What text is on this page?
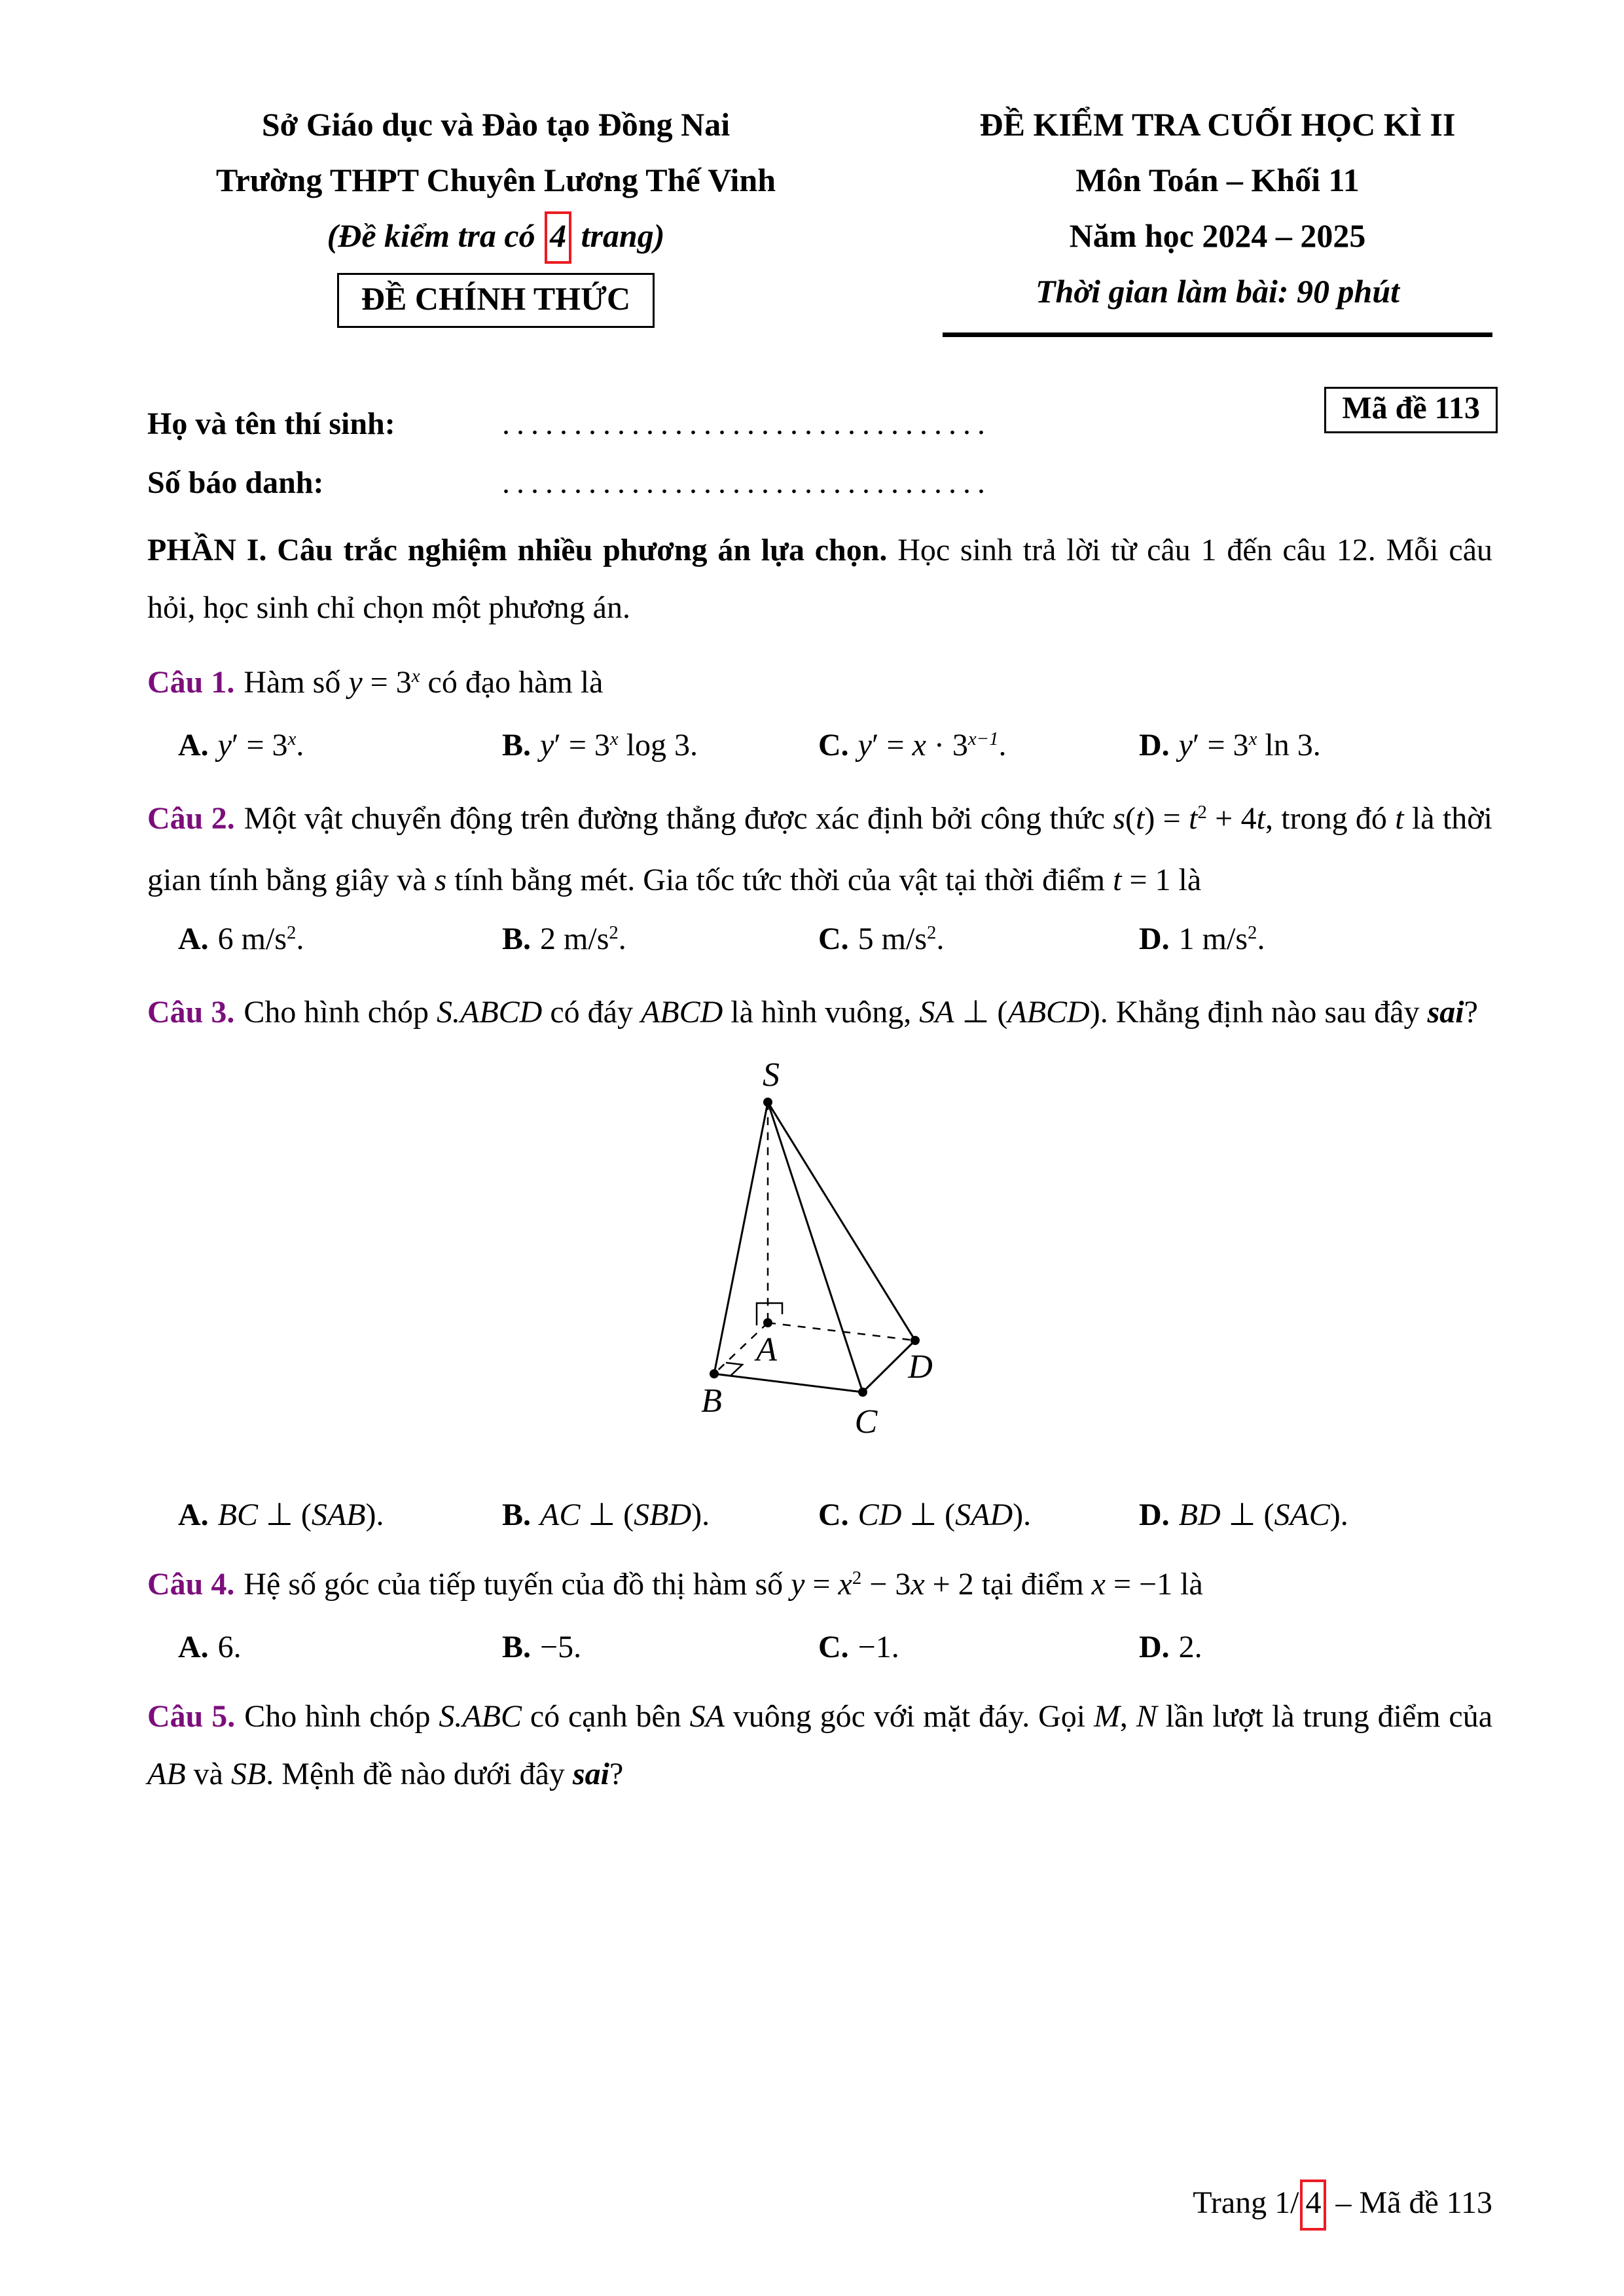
Sở Giáo dục và Đào tạo Đồng Nai
Trường THPT Chuyên Lương Thế Vinh
(Đề kiểm tra có 4 trang)
ĐỀ CHÍNH THỨC
ĐỀ KIỂM TRA CUỐI HỌC KÌ II
Môn Toán – Khối 11
Năm học 2024 – 2025
Thời gian làm bài: 90 phút
Họ và tên thí sinh:	..................................
Số báo danh:	..................................
Mã đề 113

PHẦN I. Câu trắc nghiệm nhiều phương án lựa chọn. Học sinh trả lời từ câu 1 đến câu 12. Mỗi câu hỏi, học sinh chỉ chọn một phương án.

Câu 1. Hàm số $y = 3^x$ có đạo hàm là

A. $y' = 3^x$.	B. $y' = 3^x$ log 3.	C. $y' = x \cdot 3^{x-1}$.	D. $y' = 3^x$ ln 3.

Câu 2. Một vật chuyển động trên đường thẳng được xác định bởi công thức $s(t) = t^2 + 4t$, trong đó t là thời gian tính bằng giây và s tính bằng mét. Gia tốc tức thời của vật tại thời điểm t = 1 là

A. 6 $m/s^2$.	B. 2 $m/s^2$.	C. 5 $m/s^2$.	D. 1 $m/s^2$.

Câu 3. Cho hình chóp S.ABCD có đáy ABCD là hình vuông, SA ⊥ (ABCD). Khẳng định nào sau đây sai?

S
A
B
C
D
A. BC ⊥ (SAB).	B. AC ⊥ (SBD).	C. CD ⊥ (SAD).	D. BD ⊥ (SAC).

Câu 4. Hệ số góc của tiếp tuyến của đồ thị hàm số $y = x^2 - 3x + 2$ tại điểm x = −1 là

A. 6.	B. −5.	C. −1.	D. 2.

Câu 5. Cho hình chóp S.ABC có cạnh bên SA vuông góc với mặt đáy. Gọi M, N lần lượt là trung điểm của AB và SB. Mệnh đề nào dưới đây sai?

Trang 1/ 4 – Mã đề 113
